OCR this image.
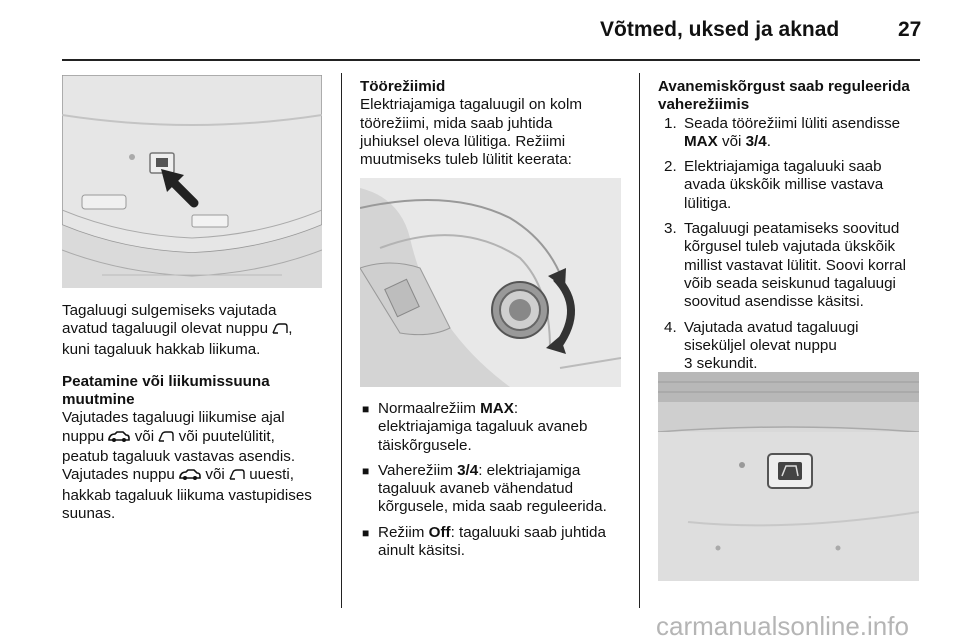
Võtmed, uksed ja aknad	27

Tagaluugi sulgemiseks vajutada

avatud tagaluugil olevat nuppu ,

kuni tagaluuk hakkab liikuma.

Peatamine või liikumissuuna

muutmine

Vajutades tagaluugi liikumise ajal

nuppu või või puutelülitit,

peatub tagaluuk vastavas asendis.

Vajutades nuppu või uuesti,

hakkab tagaluuk liikuma vastupidises

suunas.

Töörežiimid

Elektriajamiga tagaluugil on kolm

töörežiimi, mida saab juhtida

juhiuksel oleva lülitiga. Režiimi

muutmiseks tuleb lülitit keerata:

■ Normaalrežiim MAX:
elektriajamiga tagaluuk avaneb
täiskõrgusele.
■ Vaherežiim 3/4: elektriajamiga
tagaluuk avaneb vähendatud
kõrgusele, mida saab reguleerida.
■ Režiim Off: tagaluuki saab juhtida
ainult käsitsi.

Avanemiskõrgust saab reguleerida

vaherežiimis

1. Seada töörežiimi lüliti asendisse
MAX või 3/4.
2. Elektriajamiga tagaluuki saab
avada ükskõik millise vastava
lülitiga.
3. Tagaluugi peatamiseks soovitud
kõrgusel tuleb vajutada ükskõik
millist vastavat lülitit. Soovi korral
võib seada seiskunud tagaluugi
soovitud asendisse käsitsi.
4. Vajutada avatud tagaluugi
siseküljel olevat nuppu
3 sekundit.
carmanualsonline.info
